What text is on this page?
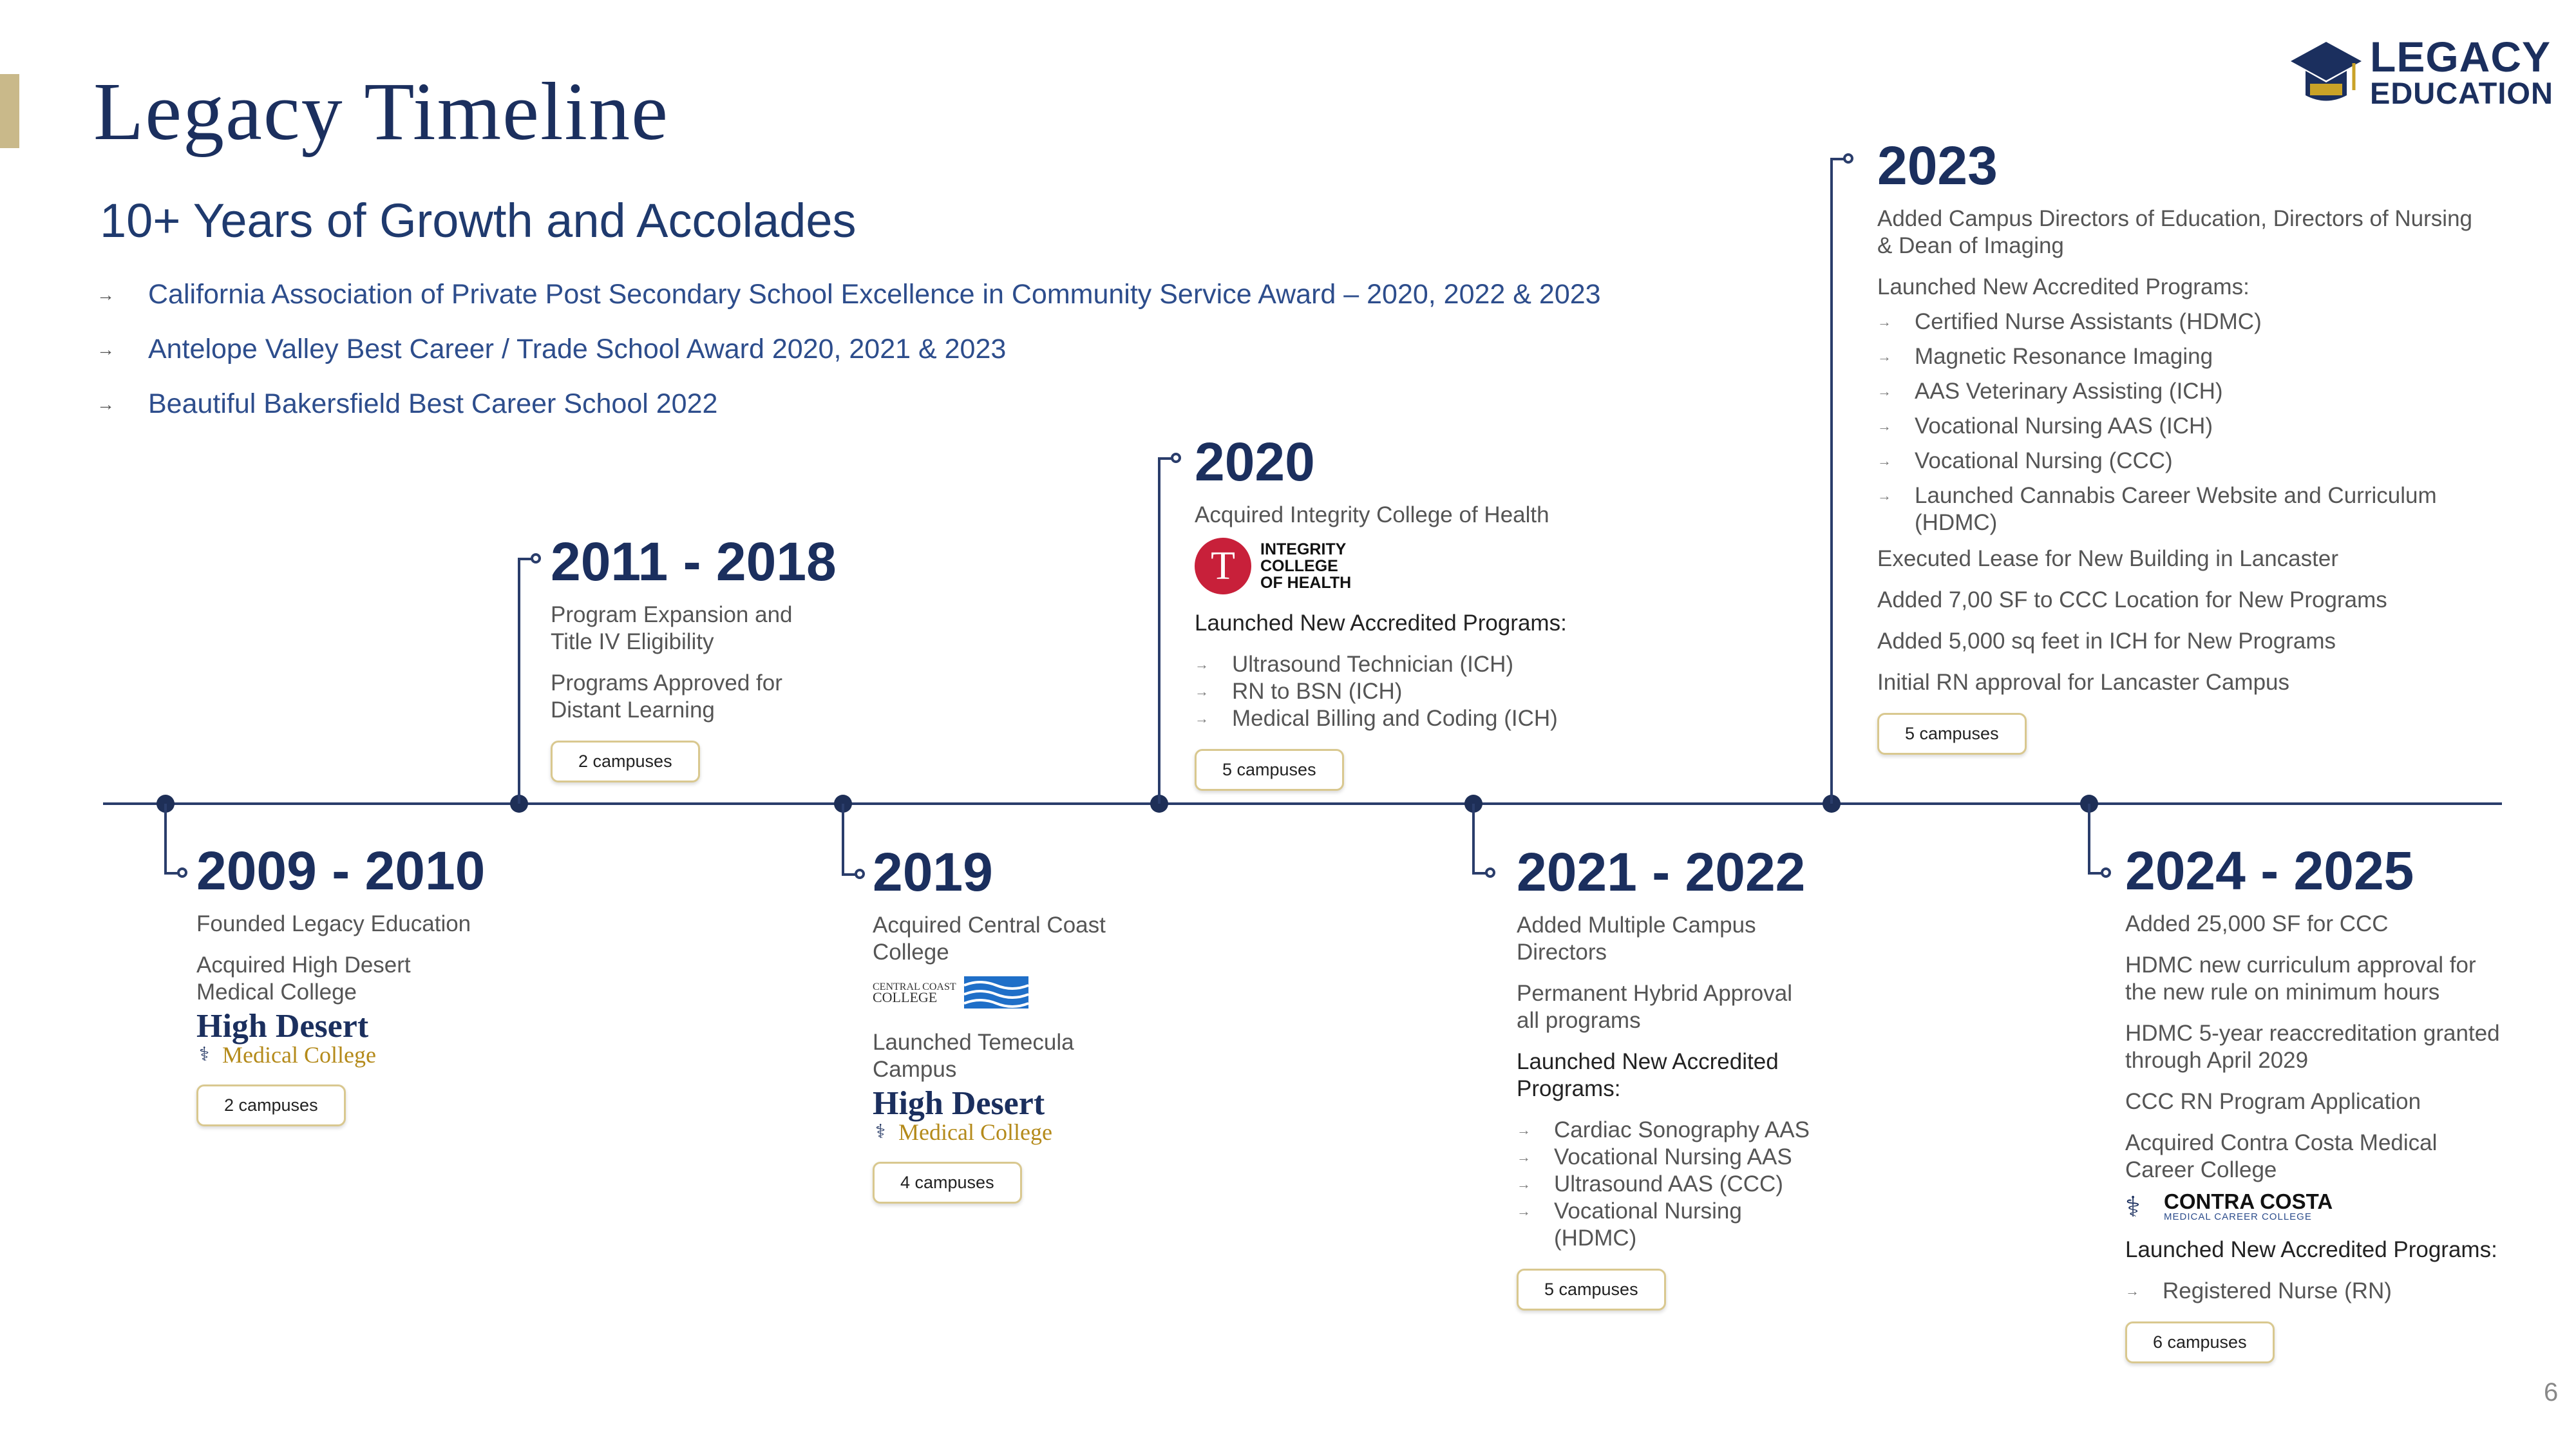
Legacy Timeline
10+ Years of Growth and Accolades
→	California Association of Private Post Secondary School Excellence in Community Service Award – 2020, 2022 & 2023
→	Antelope Valley Best Career / Trade School Award 2020, 2021 & 2023
→	Beautiful Bakersfield Best Career School 2022
LEGACY
EDUCATION
2009 - 2010
Founded Legacy Education
Acquired High Desert Medical College
High Desert
Medical College
⚕
2 campuses
2011 - 2018
Program Expansion and Title IV Eligibility
Programs Approved for Distant Learning
2 campuses
2019
Acquired Central Coast College
CENTRAL COAST
COLLEGE
Launched Temecula Campus
High Desert
Medical College
⚕
4 campuses
2020
Acquired Integrity College of Health
T	INTEGRITY
COLLEGE
OF HEALTH
Launched New Accredited Programs:
→	Ultrasound Technician (ICH)
→	RN to BSN (ICH)
→	Medical Billing and Coding (ICH)
5 campuses
2021 - 2022
Added Multiple Campus Directors
Permanent Hybrid Approval all programs
Launched New Accredited Programs:
→	Cardiac Sonography AAS
→	Vocational Nursing AAS
→	Ultrasound AAS (CCC)
→	Vocational Nursing (HDMC)
5 campuses
2023
Added Campus Directors of Education, Directors of Nursing & Dean of Imaging
Launched New Accredited Programs:
→	Certified Nurse Assistants (HDMC)
→	Magnetic Resonance Imaging
→	AAS Veterinary Assisting (ICH)
→	Vocational Nursing AAS (ICH)
→	Vocational Nursing (CCC)
→	Launched Cannabis Career Website and Curriculum (HDMC)
Executed Lease for New Building in Lancaster
Added 7,00 SF to CCC Location for New Programs
Added 5,000 sq feet in ICH for New Programs
Initial RN approval for Lancaster Campus
5 campuses
2024 - 2025
Added 25,000 SF for CCC
HDMC new curriculum approval for the new rule on minimum hours
HDMC 5-year reaccreditation granted through April 2029
CCC RN Program Application
Acquired Contra Costa Medical Career College
⚕	CONTRA COSTA
MEDICAL CAREER COLLEGE
Launched New Accredited Programs:
→	Registered Nurse (RN)
6 campuses
6
